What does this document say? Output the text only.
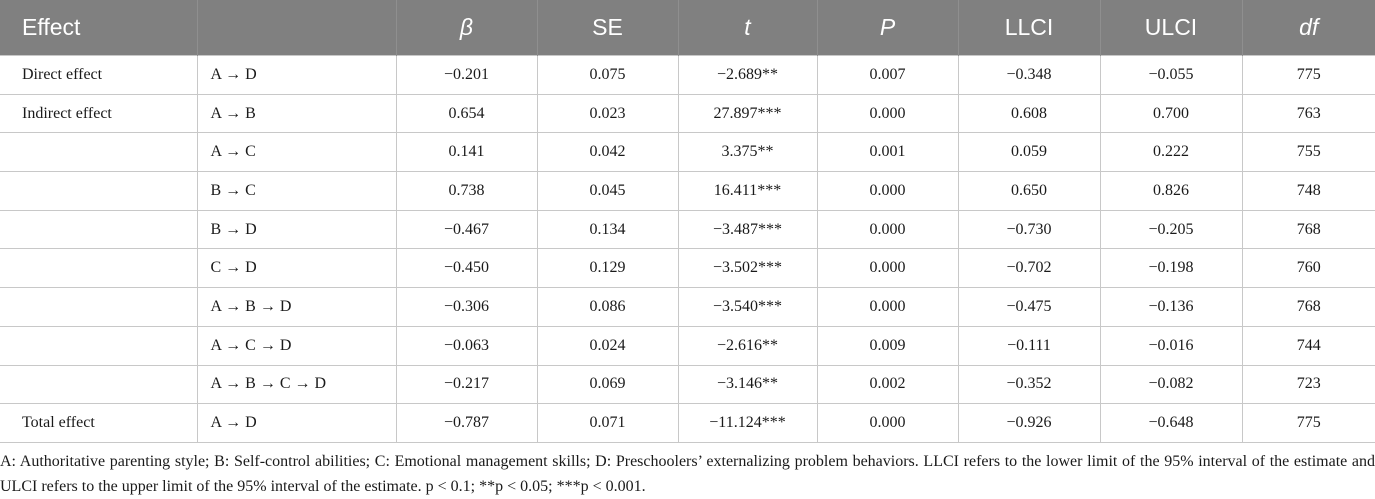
Effect		β	SE	t	P	LLCI	ULCI	df
Direct effect	A → D	−0.201	0.075	−2.689**	0.007	−0.348	−0.055	775
Indirect effect	A → B	0.654	0.023	27.897***	0.000	0.608	0.700	763
	A → C	0.141	0.042	3.375**	0.001	0.059	0.222	755
	B → C	0.738	0.045	16.411***	0.000	0.650	0.826	748
	B → D	−0.467	0.134	−3.487***	0.000	−0.730	−0.205	768
	C → D	−0.450	0.129	−3.502***	0.000	−0.702	−0.198	760
	A → B → D	−0.306	0.086	−3.540***	0.000	−0.475	−0.136	768
	A → C → D	−0.063	0.024	−2.616**	0.009	−0.111	−0.016	744
	A → B → C → D	−0.217	0.069	−3.146**	0.002	−0.352	−0.082	723
Total effect	A → D	−0.787	0.071	−11.124***	0.000	−0.926	−0.648	775

A: Authoritative parenting style; B: Self-control abilities; C: Emotional management skills; D: Preschoolers’ externalizing problem behaviors. LLCI refers to the lower limit of the 95% interval of the estimate and ULCI refers to the upper limit of the 95% interval of the estimate. p < 0.1; **p < 0.05; ***p < 0.001.
